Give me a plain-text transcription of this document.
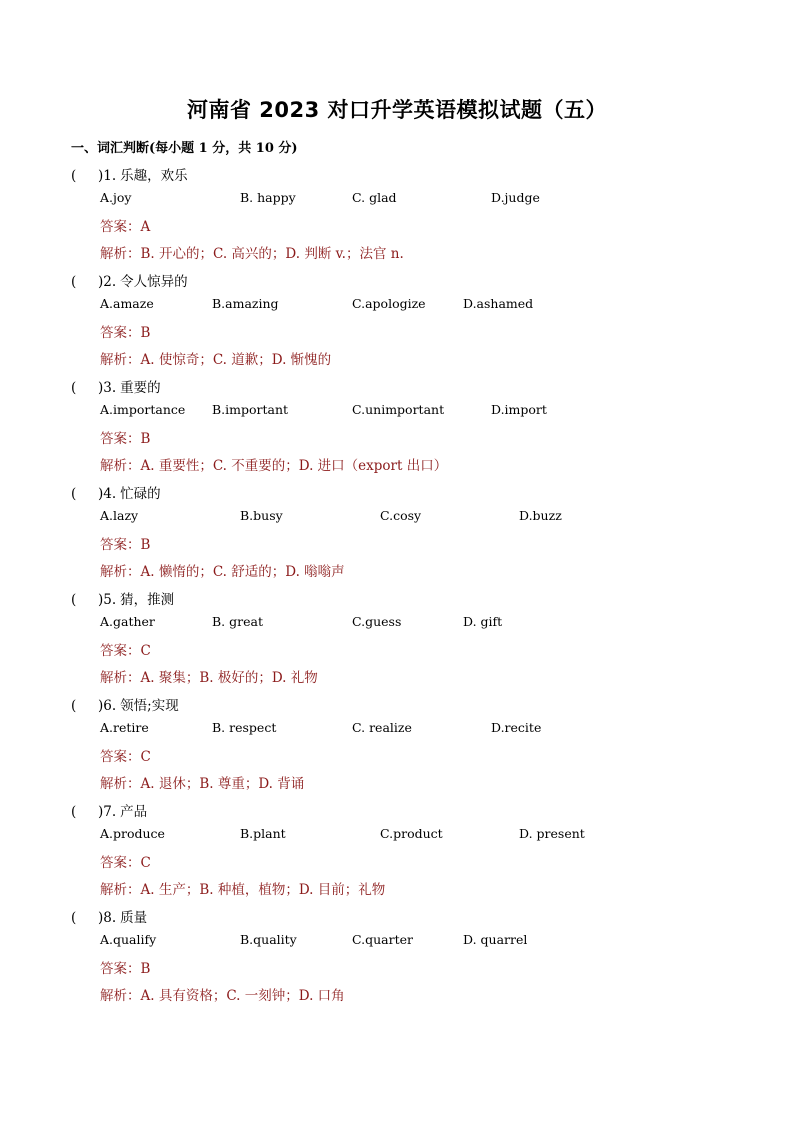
河南省 2023 对口升学英语模拟试题（五）
一、词汇判断(每小题 1 分，共 10 分)
( )1. 乐趣，欢乐
A.joy	B. happy	C. glad	D.judge
答案：A
解析：B. 开心的；C. 高兴的；D. 判断 v.；法官 n.
( )2. 令人惊异的
A.amaze	B.amazing	C.apologize	D.ashamed
答案：B
解析：A. 使惊奇；C. 道歉；D. 惭愧的
( )3. 重要的
A.importance B.important	C.unimportant	D.import
答案：B
解析：A. 重要性；C. 不重要的；D. 进口（export 出口）
( )4. 忙碌的
A.lazy	B.busy	C.cosy	D.buzz
答案：B
解析：A. 懒惰的；C. 舒适的；D. 嗡嗡声
( )5. 猜，推测
A.gather	B. great	C.guess	D. gift
答案：C
解析：A. 聚集；B. 极好的；D. 礼物
( )6. 领悟;实现
A.retire	B. respect	C. realize	D.recite
答案：C
解析：A. 退休；B. 尊重；D. 背诵
( )7. 产品
A.produce	B.plant	C.product	D. present
答案：C
解析：A. 生产；B. 种植，植物；D. 目前；礼物
( )8. 质量
A.qualify	B.quality	C.quarter	D. quarrel
答案：B
解析：A. 具有资格；C. 一刻钟；D. 口角
